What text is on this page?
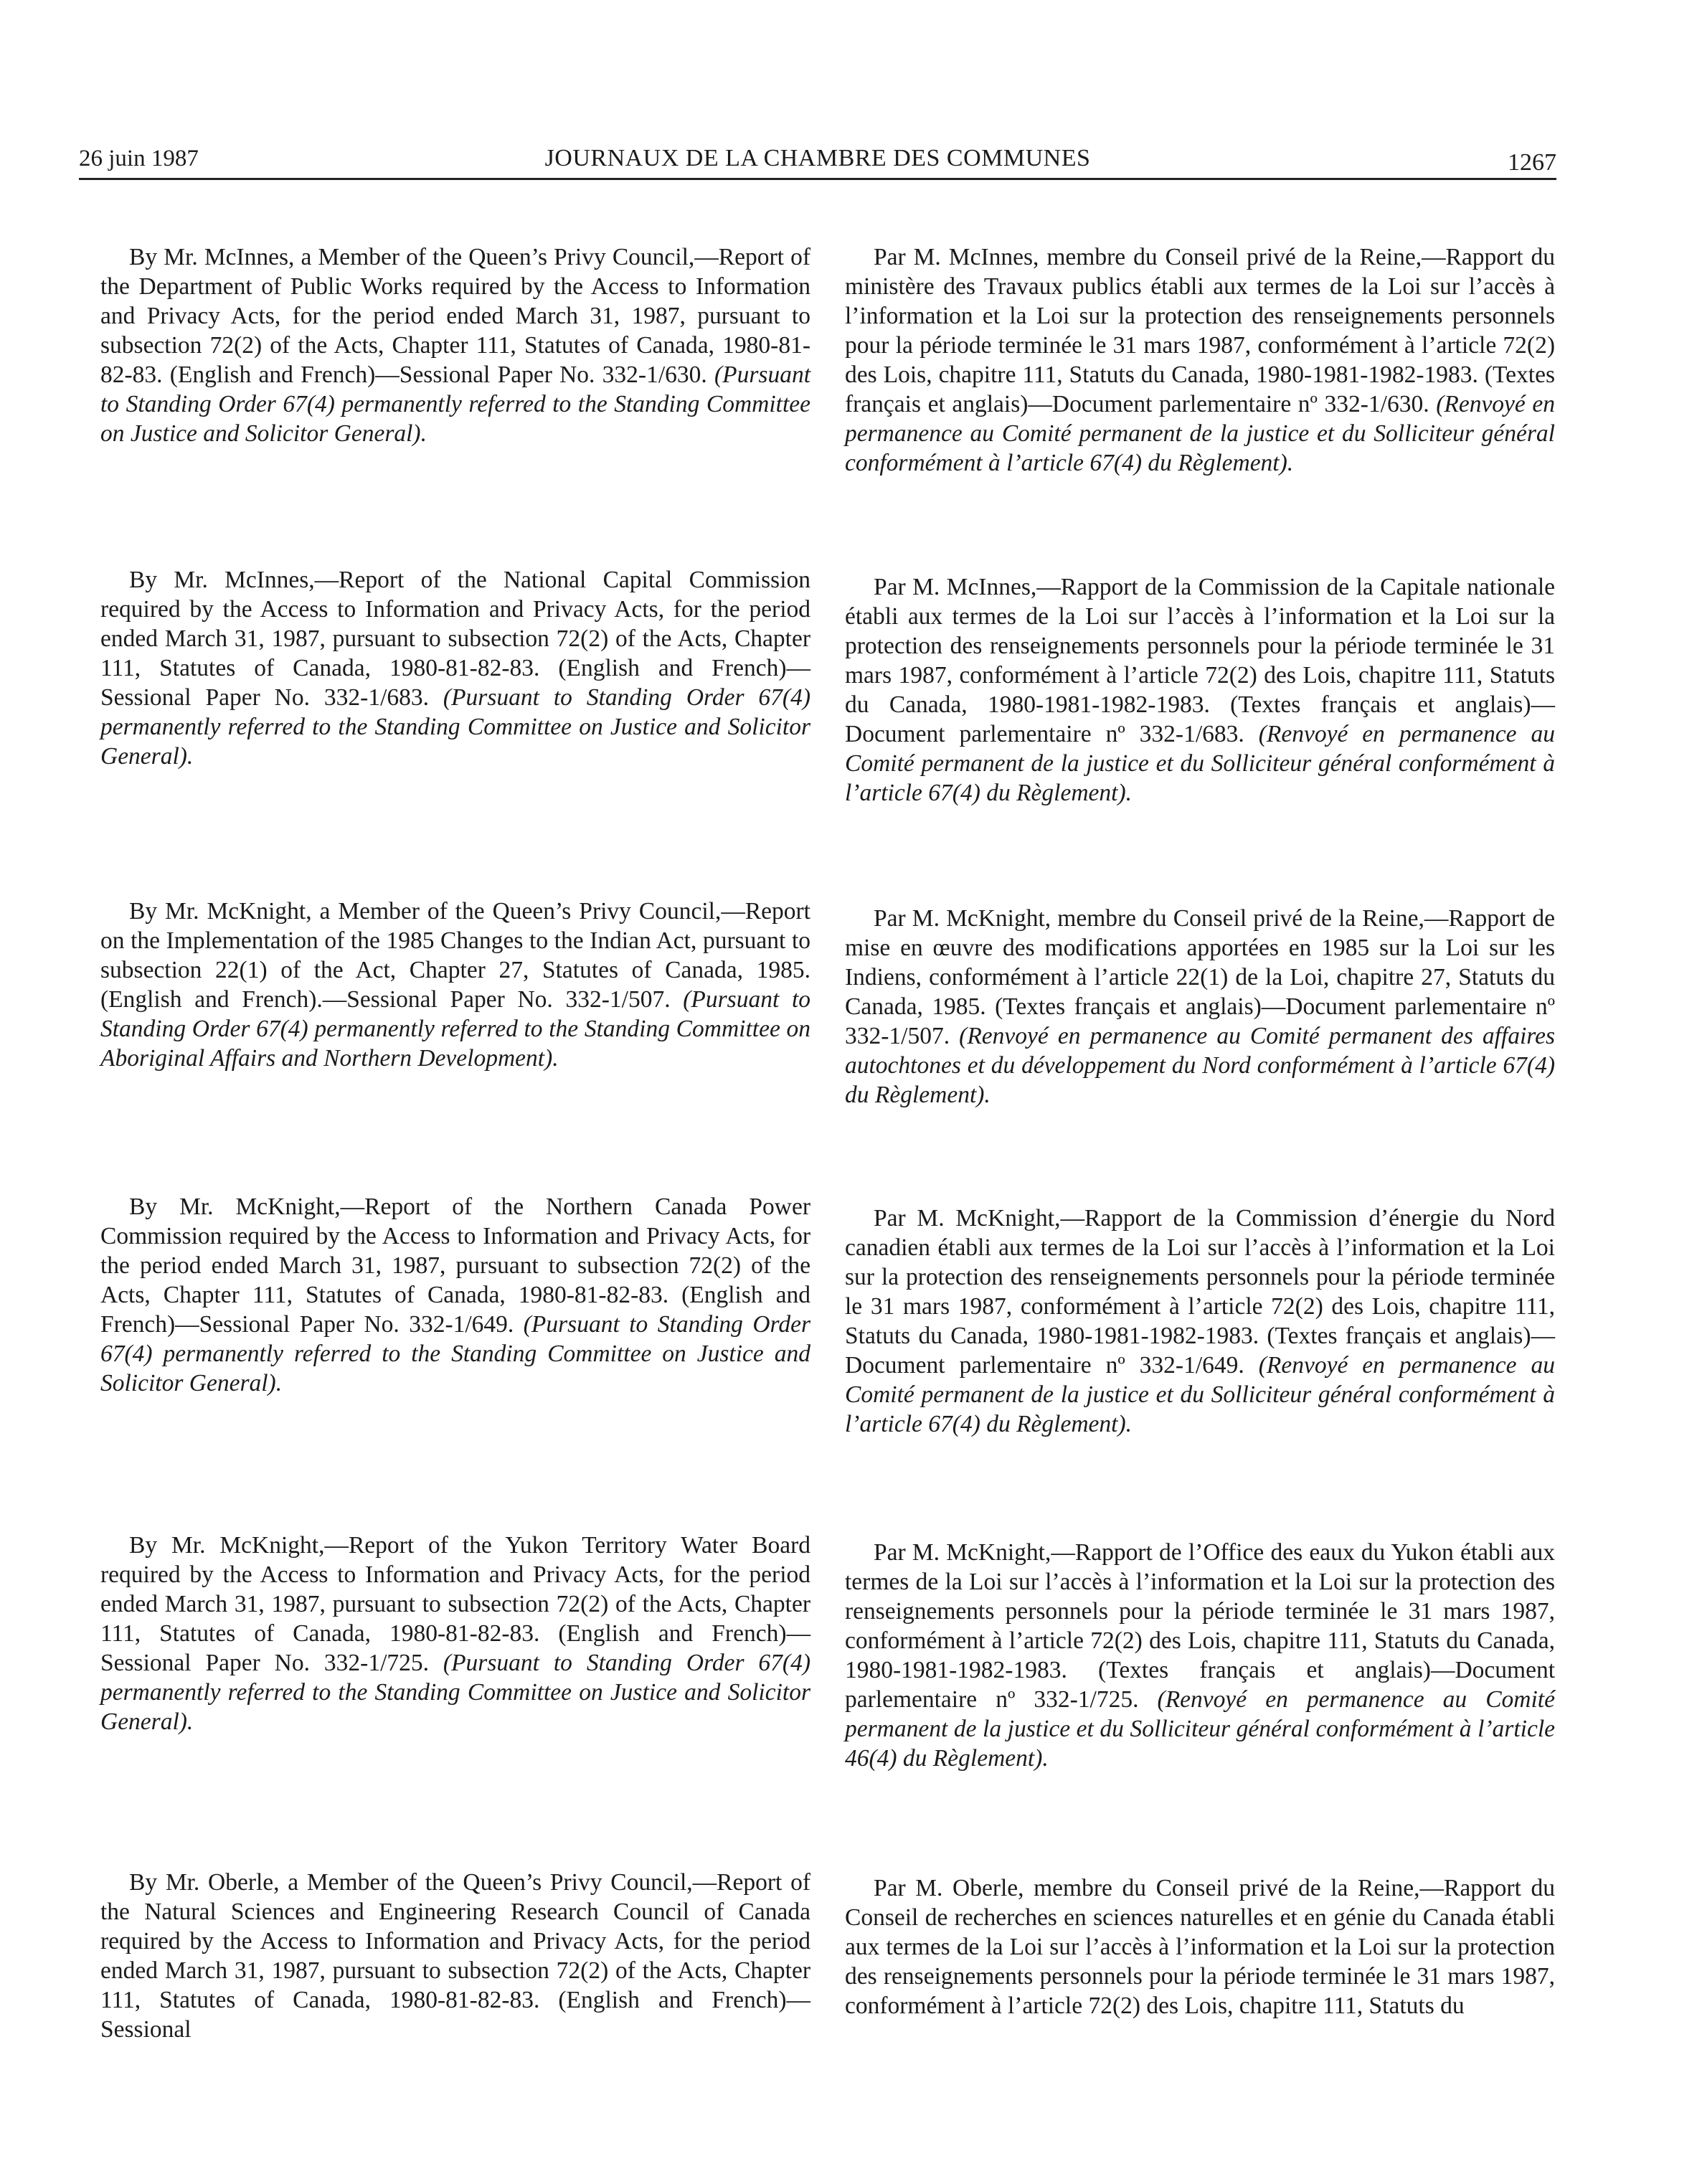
26 juin 1987	JOURNAUX DE LA CHAMBRE DES COMMUNES	1267

By Mr. McInnes, a Member of the Queen’s Privy Council,—Report of the Department of Public Works required by the Access to Information and Privacy Acts, for the period ended March 31, 1987, pursuant to subsection 72(2) of the Acts, Chapter 111, Statutes of Canada, 1980-81-82-83. (English and French)—Sessional Paper No. 332-1/630. (Pursuant to Standing Order 67(4) permanently referred to the Standing Committee on Justice and Solicitor General).

Par M. McInnes, membre du Conseil privé de la Reine,—Rapport du ministère des Travaux publics établi aux termes de la Loi sur l’accès à l’information et la Loi sur la protection des renseignements personnels pour la période terminée le 31 mars 1987, conformément à l’article 72(2) des Lois, chapitre 111, Statuts du Canada, 1980-1981-1982-1983. (Textes français et anglais)—Document parlementaire nº 332-1/630. (Renvoyé en permanence au Comité permanent de la justice et du Solliciteur général conformément à l’article 67(4) du Règlement).

By Mr. McInnes,—Report of the National Capital Commission required by the Access to Information and Privacy Acts, for the period ended March 31, 1987, pursuant to subsection 72(2) of the Acts, Chapter 111, Statutes of Canada, 1980-81-82-83. (English and French)—Sessional Paper No. 332-1/683. (Pursuant to Standing Order 67(4) permanently referred to the Standing Committee on Justice and Solicitor General).

Par M. McInnes,—Rapport de la Commission de la Capitale nationale établi aux termes de la Loi sur l’accès à l’information et la Loi sur la protection des renseignements personnels pour la période terminée le 31 mars 1987, conformément à l’article 72(2) des Lois, chapitre 111, Statuts du Canada, 1980-1981-1982-1983. (Textes français et anglais)—Document parlementaire nº 332-1/683. (Renvoyé en permanence au Comité permanent de la justice et du Solliciteur général conformément à l’article 67(4) du Règlement).

By Mr. McKnight, a Member of the Queen’s Privy Council,—Report on the Implementation of the 1985 Changes to the Indian Act, pursuant to subsection 22(1) of the Act, Chapter 27, Statutes of Canada, 1985. (English and French).—Sessional Paper No. 332-1/507. (Pursuant to Standing Order 67(4) permanently referred to the Standing Committee on Aboriginal Affairs and Northern Development).

Par M. McKnight, membre du Conseil privé de la Reine,—Rapport de mise en œuvre des modifications apportées en 1985 sur la Loi sur les Indiens, conformément à l’article 22(1) de la Loi, chapitre 27, Statuts du Canada, 1985. (Textes français et anglais)—Document parlementaire nº 332-1/507. (Renvoyé en permanence au Comité permanent des affaires autochtones et du développement du Nord conformément à l’article 67(4) du Règlement).

By Mr. McKnight,—Report of the Northern Canada Power Commission required by the Access to Information and Privacy Acts, for the period ended March 31, 1987, pursuant to subsection 72(2) of the Acts, Chapter 111, Statutes of Canada, 1980-81-82-83. (English and French)—Sessional Paper No. 332-1/649. (Pursuant to Standing Order 67(4) permanently referred to the Standing Committee on Justice and Solicitor General).

Par M. McKnight,—Rapport de la Commission d’énergie du Nord canadien établi aux termes de la Loi sur l’accès à l’information et la Loi sur la protection des renseignements personnels pour la période terminée le 31 mars 1987, conformément à l’article 72(2) des Lois, chapitre 111, Statuts du Canada, 1980-1981-1982-1983. (Textes français et anglais)—Document parlementaire nº 332-1/649. (Renvoyé en permanence au Comité permanent de la justice et du Solliciteur général conformément à l’article 67(4) du Règlement).

By Mr. McKnight,—Report of the Yukon Territory Water Board required by the Access to Information and Privacy Acts, for the period ended March 31, 1987, pursuant to subsection 72(2) of the Acts, Chapter 111, Statutes of Canada, 1980-81-82-83. (English and French)—Sessional Paper No. 332-1/725. (Pursuant to Standing Order 67(4) permanently referred to the Standing Committee on Justice and Solicitor General).

Par M. McKnight,—Rapport de l’Office des eaux du Yukon établi aux termes de la Loi sur l’accès à l’information et la Loi sur la protection des renseignements personnels pour la période terminée le 31 mars 1987, conformément à l’article 72(2) des Lois, chapitre 111, Statuts du Canada, 1980-1981-1982-1983. (Textes français et anglais)—Document parlementaire nº 332-1/725. (Renvoyé en permanence au Comité permanent de la justice et du Solliciteur général conformément à l’article 46(4) du Règlement).

By Mr. Oberle, a Member of the Queen’s Privy Council,—Report of the Natural Sciences and Engineering Research Council of Canada required by the Access to Information and Privacy Acts, for the period ended March 31, 1987, pursuant to subsection 72(2) of the Acts, Chapter 111, Statutes of Canada, 1980-81-82-83. (English and French)—Sessional

Par M. Oberle, membre du Conseil privé de la Reine,—Rapport du Conseil de recherches en sciences naturelles et en génie du Canada établi aux termes de la Loi sur l’accès à l’information et la Loi sur la protection des renseignements personnels pour la période terminée le 31 mars 1987, conformément à l’article 72(2) des Lois, chapitre 111, Statuts du
